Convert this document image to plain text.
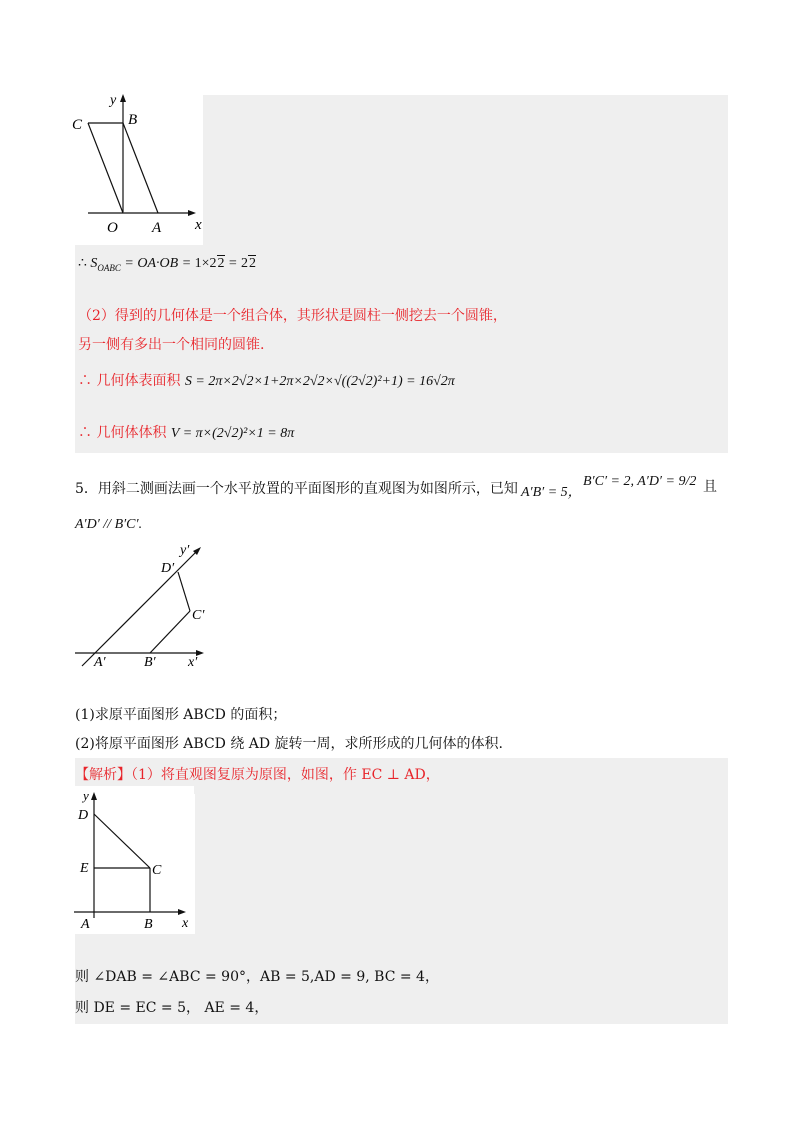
y
x
C	B
O A
∴ $S_{OABC} = OA\cdot OB = 1\times 22 = 22$
（2）得到的几何体是一个组合体，其形状是圆柱一侧挖去一个圆锥，
另一侧有多出一个相同的圆锥.
∴ 几何体表面积 S = 2π×2√2×1+2π×2√2×√((2√2)²+1) = 16√2π
∴ 几何体体积 V = π×(2√2)²×1 = 8π
5．用斜二测画法画一个水平放置的平面图形的直观图为如图所示，已知 A′B′ = 5，
B′C′ = 2, A′D′ = 9/2 且
A′D′ // B′C′.
y′
D′
C′
A′	B′ x′
(1)求原平面图形 ABCD 的面积；
(2)将原平面图形 ABCD 绕 AD 旋转一周，求所形成的几何体的体积.
【解析】（1）将直观图复原为原图，如图，作 EC ⊥ AD，
y
D
E	C
A	B x
则 ∠DAB = ∠ABC = 90°，AB = 5,AD = 9, BC = 4，
则 DE = EC = 5， AE = 4，
